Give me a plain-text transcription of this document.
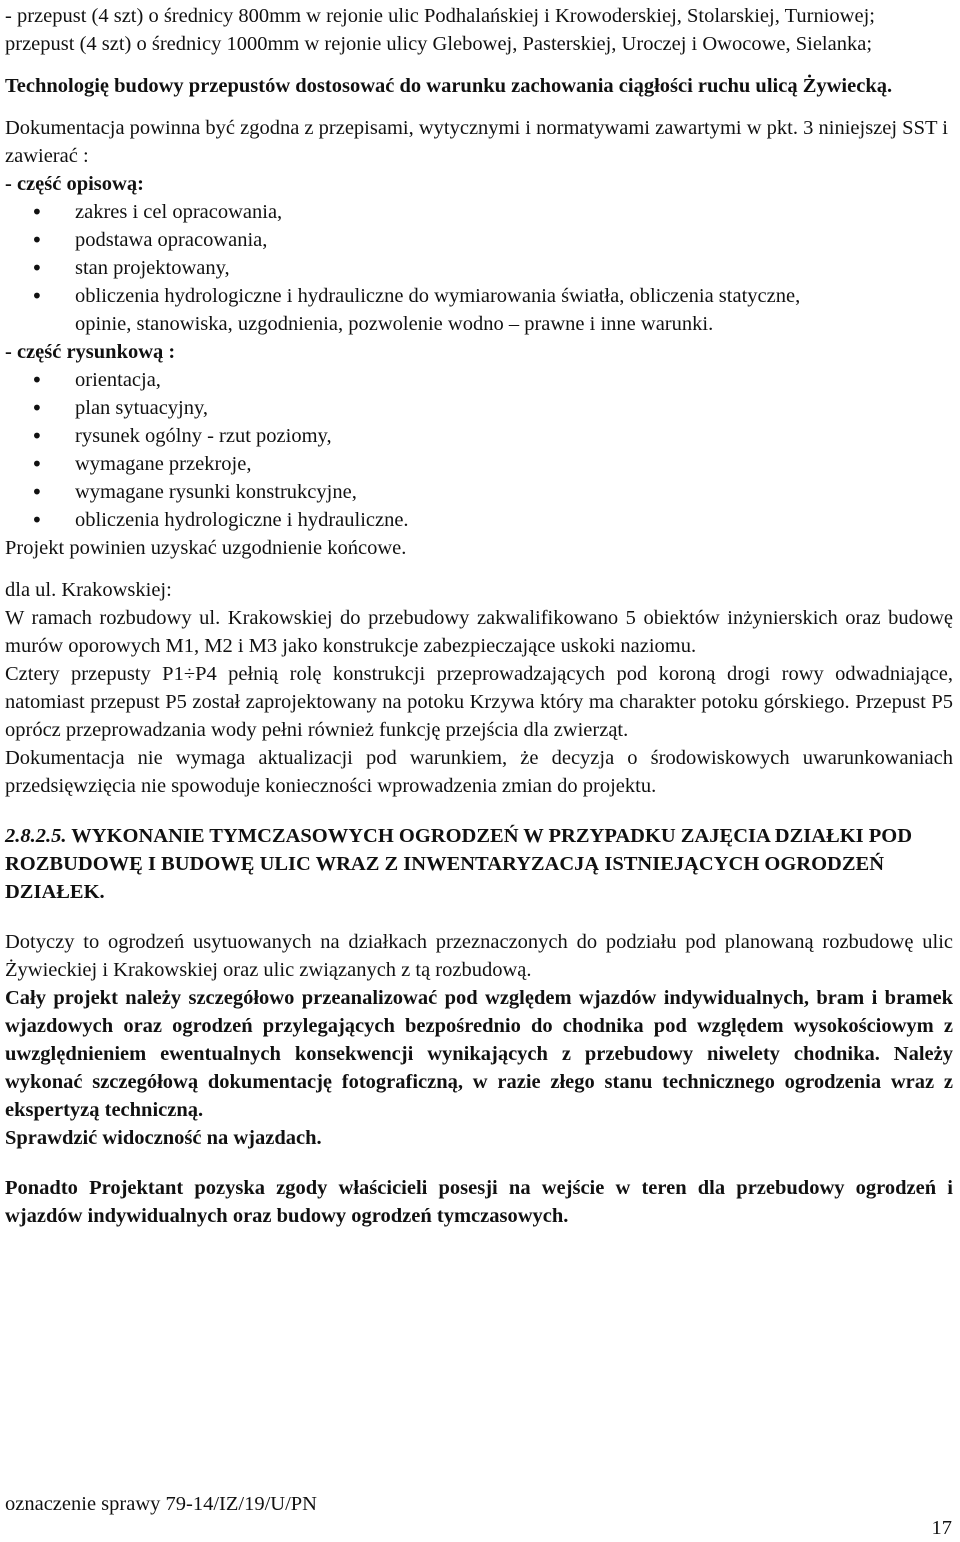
- przepust (4 szt) o średnicy 800mm w rejonie ulic Podhalańskiej i Krowoderskiej, Stolarskiej, Turniowej;

przepust (4 szt) o średnicy 1000mm w rejonie ulicy Glebowej, Pasterskiej, Uroczej i Owocowe, Sielanka;

Technologię budowy przepustów dostosować do warunku zachowania ciągłości ruchu ulicą Żywiecką.

Dokumentacja powinna być zgodna z przepisami, wytycznymi i normatywami zawartymi w pkt. 3 niniejszej SST i zawierać :

- część opisową:

• zakres i cel opracowania,
• podstawa opracowania,
• stan projektowany,
• obliczenia hydrologiczne i hydrauliczne do wymiarowania światła, obliczenia statyczne,

opinie, stanowiska, uzgodnienia, pozwolenie wodno – prawne i inne warunki.

- część rysunkową :

• orientacja,
• plan sytuacyjny,
• rysunek ogólny - rzut poziomy,
• wymagane przekroje,
• wymagane rysunki konstrukcyjne,
• obliczenia hydrologiczne i hydrauliczne.

Projekt powinien uzyskać uzgodnienie końcowe.

dla ul. Krakowskiej:

W ramach rozbudowy ul. Krakowskiej do przebudowy zakwalifikowano 5 obiektów inżynierskich oraz budowę murów oporowych M1, M2 i M3 jako konstrukcje zabezpieczające uskoki naziomu.

Cztery przepusty P1÷P4 pełnią rolę konstrukcji przeprowadzających pod koroną drogi rowy odwadniające, natomiast przepust P5 został zaprojektowany na potoku Krzywa który ma charakter potoku górskiego. Przepust P5 oprócz przeprowadzania wody pełni również funkcję przejścia dla zwierząt.

Dokumentacja nie wymaga aktualizacji pod warunkiem, że decyzja o środowiskowych uwarunkowaniach przedsięwzięcia nie spowoduje konieczności wprowadzenia zmian do projektu.

2.8.2.5. WYKONANIE TYMCZASOWYCH OGRODZEŃ W PRZYPADKU ZAJĘCIA DZIAŁKI POD ROZBUDOWĘ I BUDOWĘ ULIC WRAZ Z INWENTARYZACJĄ ISTNIEJĄCYCH OGRODZEŃ DZIAŁEK.

Dotyczy to ogrodzeń usytuowanych na działkach przeznaczonych do podziału pod planowaną rozbudowę ulic Żywieckiej i Krakowskiej oraz ulic związanych z tą rozbudową.

Cały projekt należy szczegółowo przeanalizować pod względem wjazdów indywidualnych, bram i bramek wjazdowych oraz ogrodzeń przylegających bezpośrednio do chodnika pod względem wysokościowym z uwzględnieniem ewentualnych konsekwencji wynikających z przebudowy niwelety chodnika. Należy wykonać szczegółową dokumentację fotograficzną, w razie złego stanu technicznego ogrodzenia wraz z ekspertyzą techniczną.

Sprawdzić widoczność na wjazdach.

Ponadto Projektant pozyska zgody właścicieli posesji na wejście w teren dla przebudowy ogrodzeń i wjazdów indywidualnych oraz budowy ogrodzeń tymczasowych.

oznaczenie sprawy 79-14/IZ/19/U/PN
17
